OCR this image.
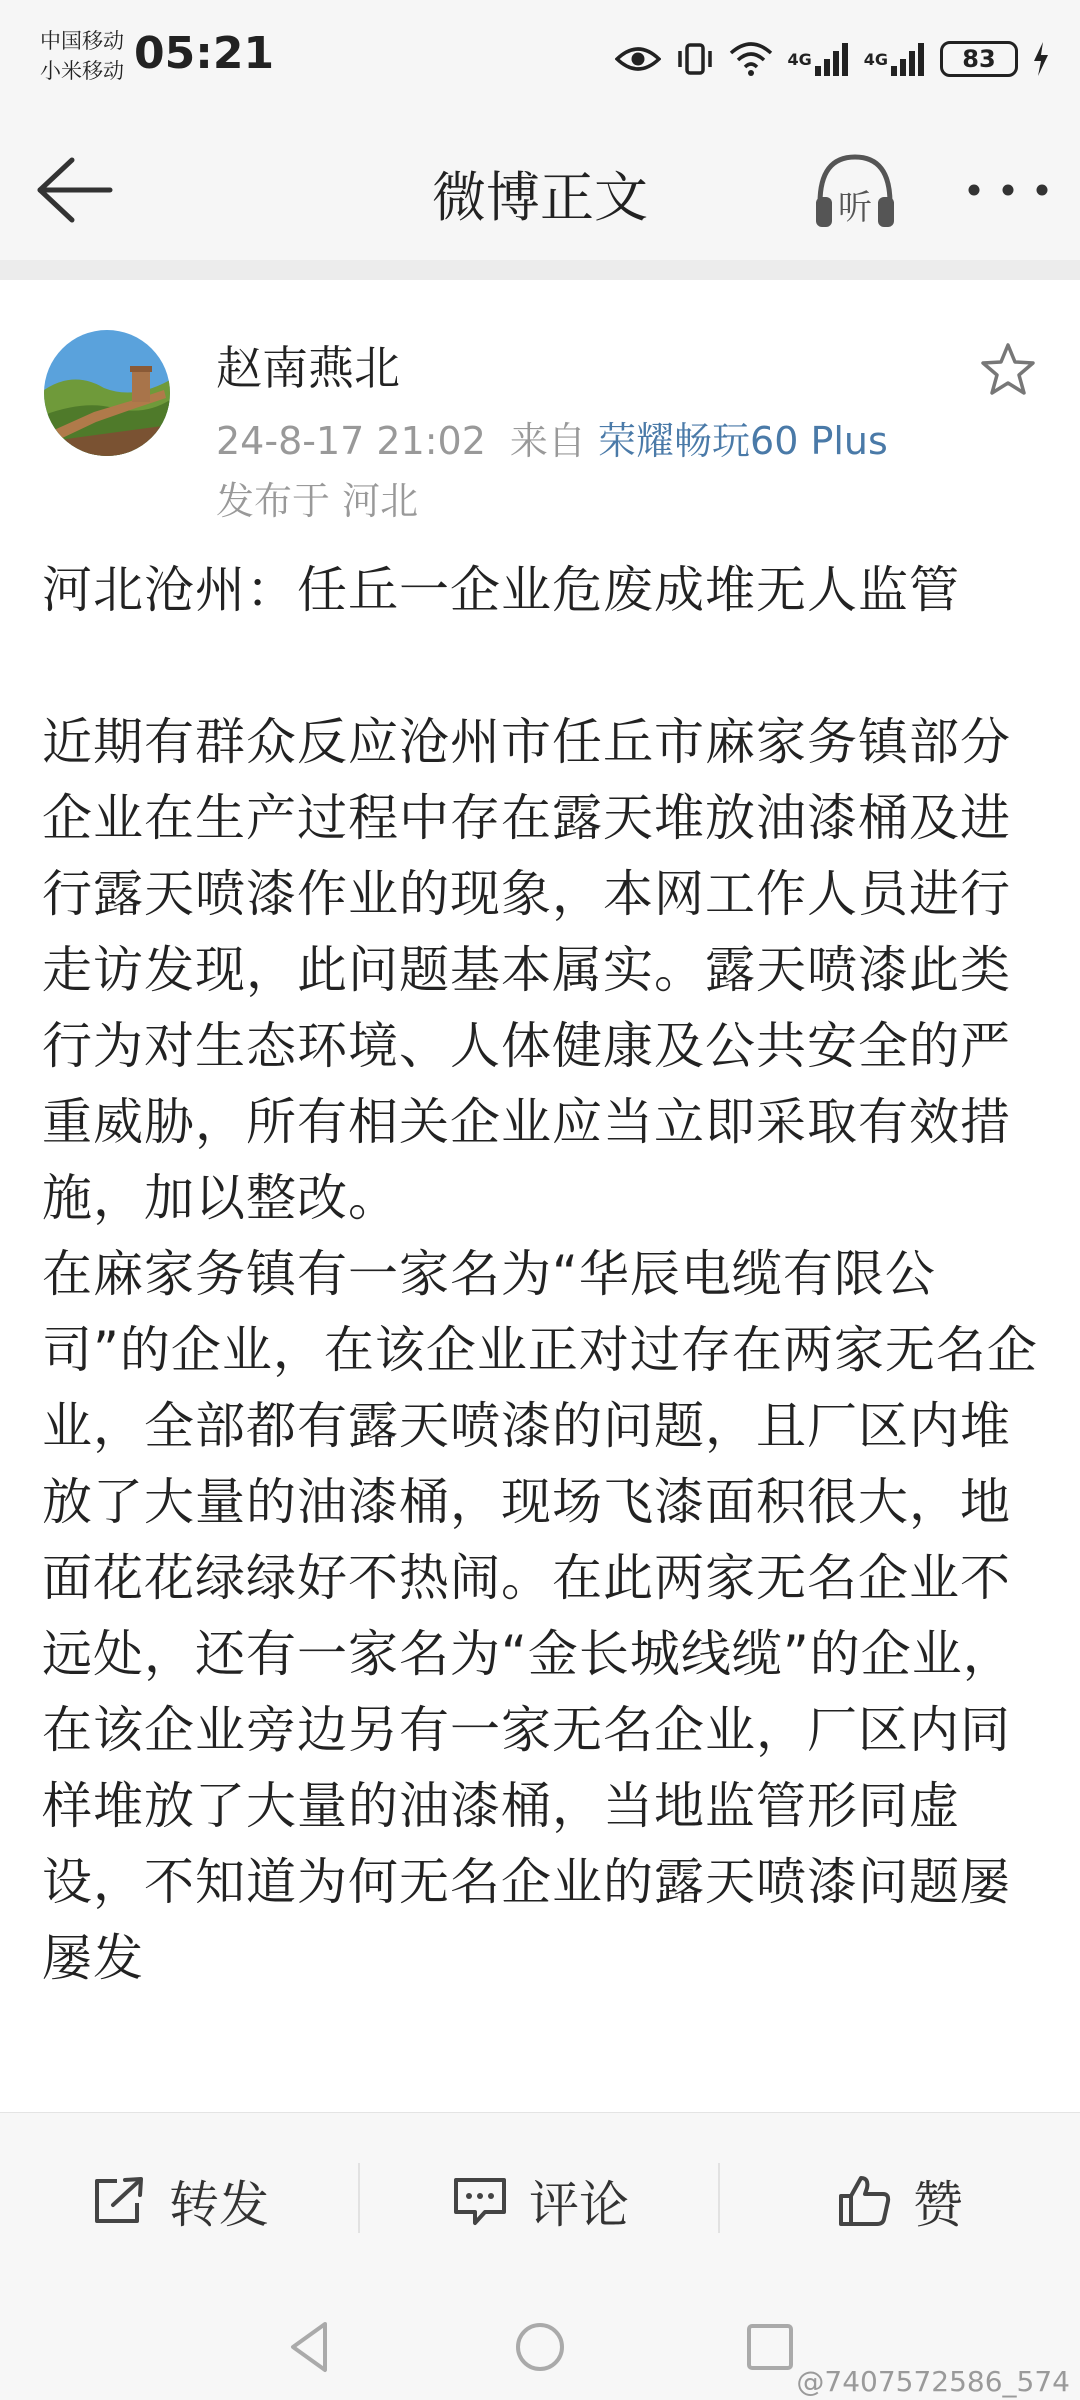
中国移动
小米移动 05:21	4G	4G	83
微博正文	听
赵南燕北
24-8-17 21:02 来自 荣耀畅玩60 Plus
发布于 河北

河北沧州：任丘一企业危废成堆无人监管

近期有群众反应沧州市任丘市麻家务镇部分企业在生产过程中存在露天堆放油漆桶及进行露天喷漆作业的现象，本网工作人员进行走访发现，此问题基本属实。露天喷漆此类行为对生态环境、人体健康及公共安全的严重威胁，所有相关企业应当立即采取有效措施，加以整改。

在麻家务镇有一家名为“华辰电缆有限公司”的企业，在该企业正对过存在两家无名企业，全部都有露天喷漆的问题，且厂区内堆放了大量的油漆桶，现场飞漆面积很大，地面花花绿绿好不热闹。在此两家无名企业不远处，还有一家名为“金长城线缆”的企业，在该企业旁边另有一家无名企业，厂区内同样堆放了大量的油漆桶，当地监管形同虚设，不知道为何无名企业的露天喷漆问题屡屡发

转发	评论	赞
@7407572586_574
